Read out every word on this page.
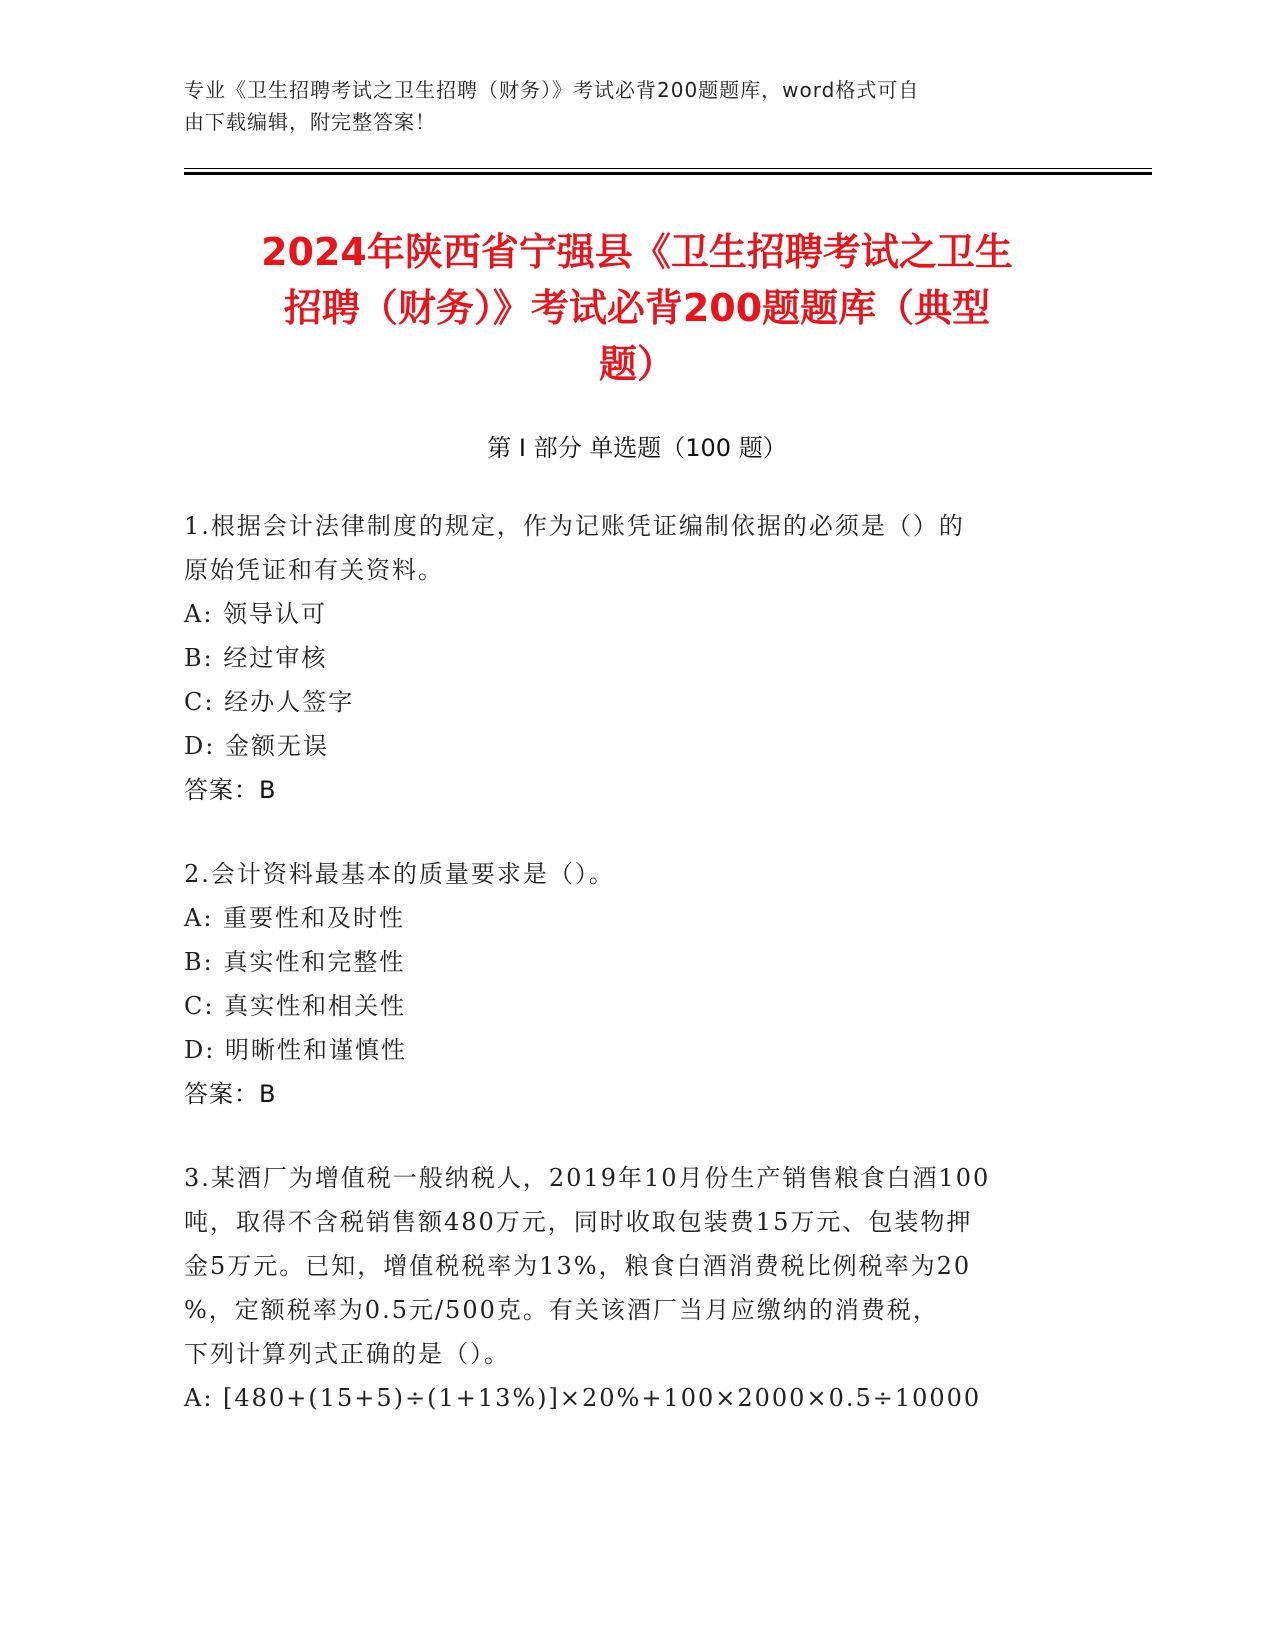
专业《卫生招聘考试之卫生招聘（财务）》考试必背200题题库，word格式可自
由下载编辑，附完整答案！
2024年陕西省宁强县《卫生招聘考试之卫生
招聘（财务）》考试必背200题题库（典型
题）
第 I 部分 单选题（100 题）
1.根据会计法律制度的规定，作为记账凭证编制依据的必须是（）的
原始凭证和有关资料。
A: 领导认可
B: 经过审核
C: 经办人签字
D: 金额无误
答案：B
2.会计资料最基本的质量要求是（）。
A: 重要性和及时性
B: 真实性和完整性
C: 真实性和相关性
D: 明晰性和谨慎性
答案：B
3.某酒厂为增值税一般纳税人，2019年10月份生产销售粮食白酒100
吨，取得不含税销售额480万元，同时收取包装费15万元、包装物押
金5万元。已知，增值税税率为13%，粮食白酒消费税比例税率为20
%，定额税率为0.5元/500克。有关该酒厂当月应缴纳的消费税，
下列计算列式正确的是（）。
A: [480+(15+5)÷(1+13%)]×20%+100×2000×0.5÷10000
